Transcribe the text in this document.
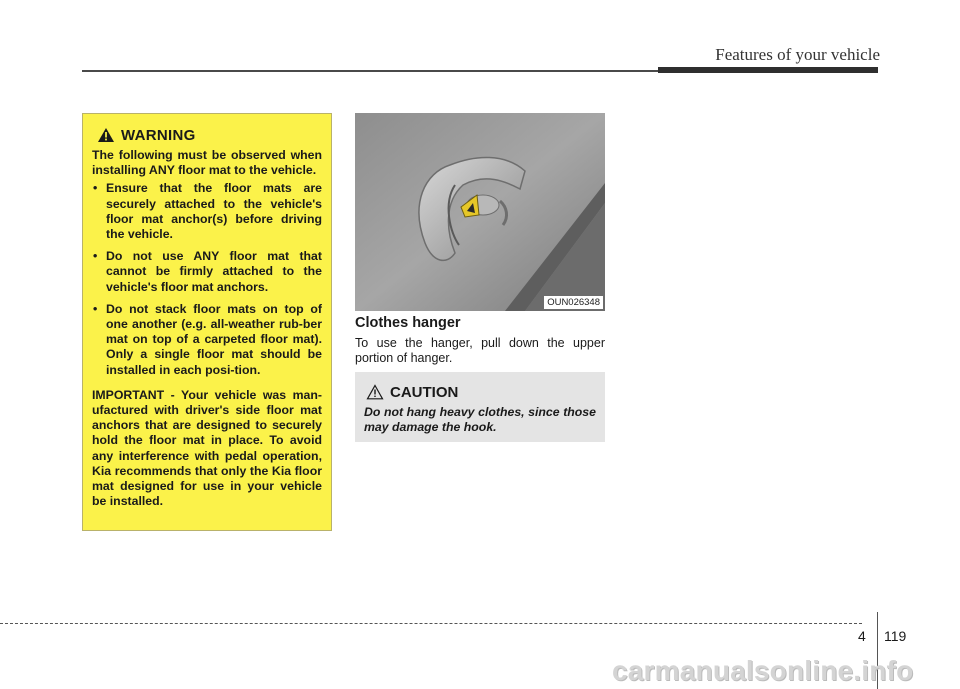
Features of your vehicle
WARNING

The following must be observed when installing ANY floor mat to the vehicle.

• Ensure that the floor mats are securely attached to the vehicle's floor mat anchor(s) before driving the vehicle.
• Do not use ANY floor mat that cannot be firmly attached to the vehicle's floor mat anchors.
• Do not stack floor mats on top of one another (e.g. all-weather rub-ber mat on top of a carpeted floor mat). Only a single floor mat should be installed in each posi-tion.

IMPORTANT - Your vehicle was man-ufactured with driver's side floor mat anchors that are designed to securely hold the floor mat in place. To avoid any interference with pedal operation, Kia recommends that only the Kia floor mat designed for use in your vehicle be installed.

OUN026348
Clothes hanger
To use the hanger, pull down the upper portion of hanger.
CAUTION
Do not hang heavy clothes, since those may damage the hook.
4 119
carmanualsonline.info
